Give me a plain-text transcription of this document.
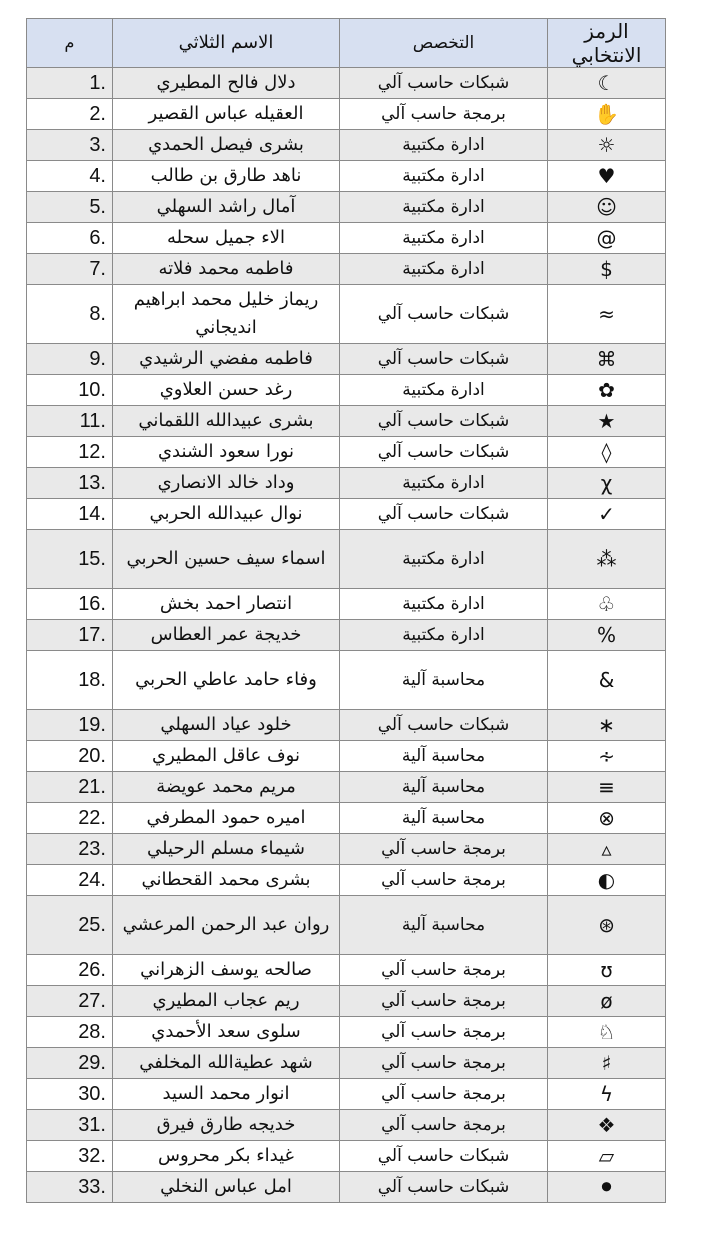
م	الاسم الثلاثي	التخصص	الرمز الانتخابي
1.	دلال فالح المطيري	شبكات حاسب آلي	☾
2.	العقيله عباس القصير	برمجة حاسب آلي	✋
3.	بشرى فيصل الحمدي	ادارة مكتبية	☼
4.	ناهد طارق بن طالب	ادارة مكتبية	♥
5.	آمال راشد السهلي	ادارة مكتبية	☺
6.	الاء جميل سحله	ادارة مكتبية	@
7.	فاطمه محمد فلاته	ادارة مكتبية	$
8.	ريماز خليل محمد ابراهيم انديجاني	شبكات حاسب آلي	≈
9.	فاطمه مفضي الرشيدي	شبكات حاسب آلي	⌘
10.	رغد حسن العلاوي	ادارة مكتبية	✿
11.	بشرى عبيدالله اللقماني	شبكات حاسب آلي	★
12.	نورا سعود الشندي	شبكات حاسب آلي	◊
13.	وداد خالد الانصاري	ادارة مكتبية	χ
14.	نوال عبيدالله الحربي	شبكات حاسب آلي	✓
15.	اسماء سيف حسين الحربي	ادارة مكتبية	⁂
16.	انتصار احمد بخش	ادارة مكتبية	♧
17.	خديجة عمر العطاس	ادارة مكتبية	%
18.	وفاء حامد عاطي الحربي	محاسبة آلية	&
19.	خلود عياد السهلي	شبكات حاسب آلي	∗
20.	نوف عاقل المطيري	محاسبة آلية	∻
21.	مريم محمد عويضة	محاسبة آلية	≡
22.	اميره حمود المطرفي	محاسبة آلية	⊗
23.	شيماء مسلم الرحيلي	برمجة حاسب آلي	▵
24.	بشرى محمد القحطاني	برمجة حاسب آلي	◐
25.	روان عبد الرحمن المرعشي	محاسبة آلية	⊛
26.	صالحه يوسف الزهراني	برمجة حاسب آلي	ʊ
27.	ريم عجاب المطيري	برمجة حاسب آلي	ø
28.	سلوى سعد الأحمدي	برمجة حاسب آلي	♘
29.	شهد عطيةالله المخلفي	برمجة حاسب آلي	♯
30.	انوار محمد السيد	برمجة حاسب آلي	ϟ
31.	خديجه طارق فيرق	برمجة حاسب آلي	❖
32.	غيداء بكر محروس	شبكات حاسب آلي	▱
33.	امل عباس النخلي	شبكات حاسب آلي	⚫
